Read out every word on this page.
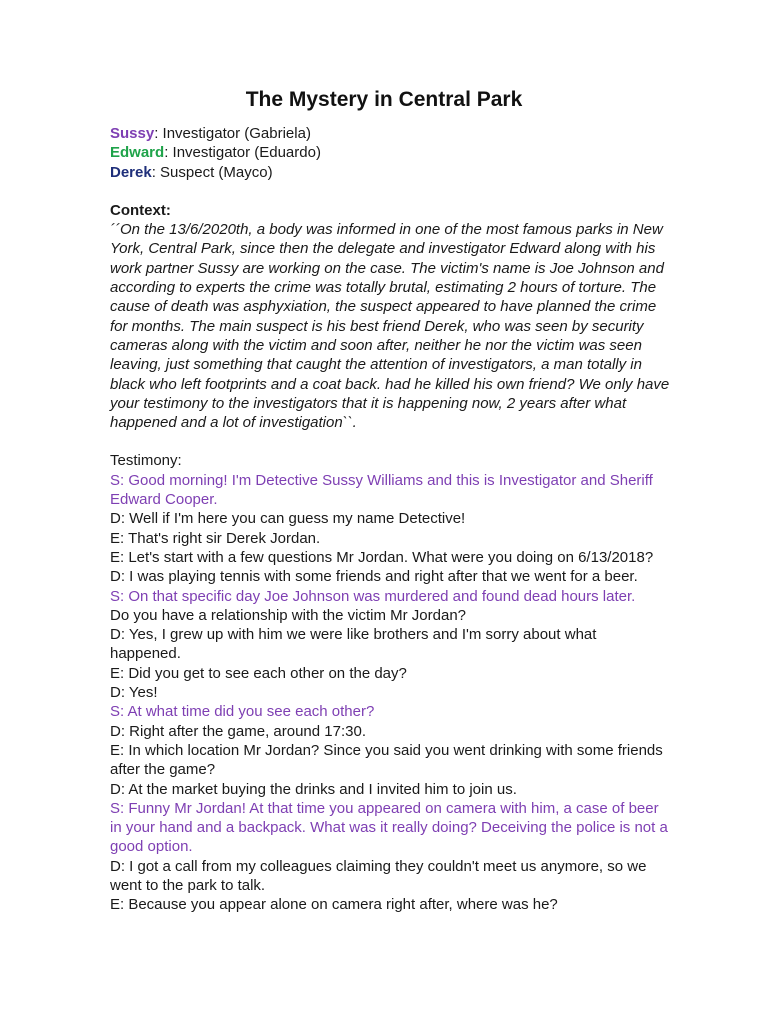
The Mystery in Central Park

Sussy: Investigator (Gabriela)

Edward: Investigator (Eduardo)

Derek: Suspect (Mayco)

Context:

´´On the 13/6/2020th, a body was informed in one of the most famous parks in New York, Central Park, since then the delegate and investigator Edward along with his work partner Sussy are working on the case. The victim's name is Joe Johnson and according to experts the crime was totally brutal, estimating 2 hours of torture. The cause of death was asphyxiation, the suspect appeared to have planned the crime for months. The main suspect is his best friend Derek, who was seen by security cameras along with the victim and soon after, neither he nor the victim was seen leaving, just something that caught the attention of investigators, a man totally in black who left footprints and a coat back. had he killed his own friend? We only have your testimony to the investigators that it is happening now, 2 years after what happened and a lot of investigation``.

Testimony:

S: Good morning! I'm Detective Sussy Williams and this is Investigator and Sheriff Edward Cooper.

D: Well if I'm here you can guess my name Detective!

E: That's right sir Derek Jordan.

E: Let's start with a few questions Mr Jordan. What were you doing on 6/13/2018?

D: I was playing tennis with some friends and right after that we went for a beer.

S: On that specific day Joe Johnson was murdered and found dead hours later.

Do you have a relationship with the victim Mr Jordan?

D: Yes, I grew up with him we were like brothers and I'm sorry about what happened.

E: Did you get to see each other on the day?

D: Yes!

S: At what time did you see each other?

D: Right after the game, around 17:30.

E: In which location Mr Jordan? Since you said you went drinking with some friends after the game?

D: At the market buying the drinks and I invited him to join us.

S: Funny Mr Jordan! At that time you appeared on camera with him, a case of beer in your hand and a backpack. What was it really doing? Deceiving the police is not a good option.

D: I got a call from my colleagues claiming they couldn't meet us anymore, so we went to the park to talk.

E: Because you appear alone on camera right after, where was he?
